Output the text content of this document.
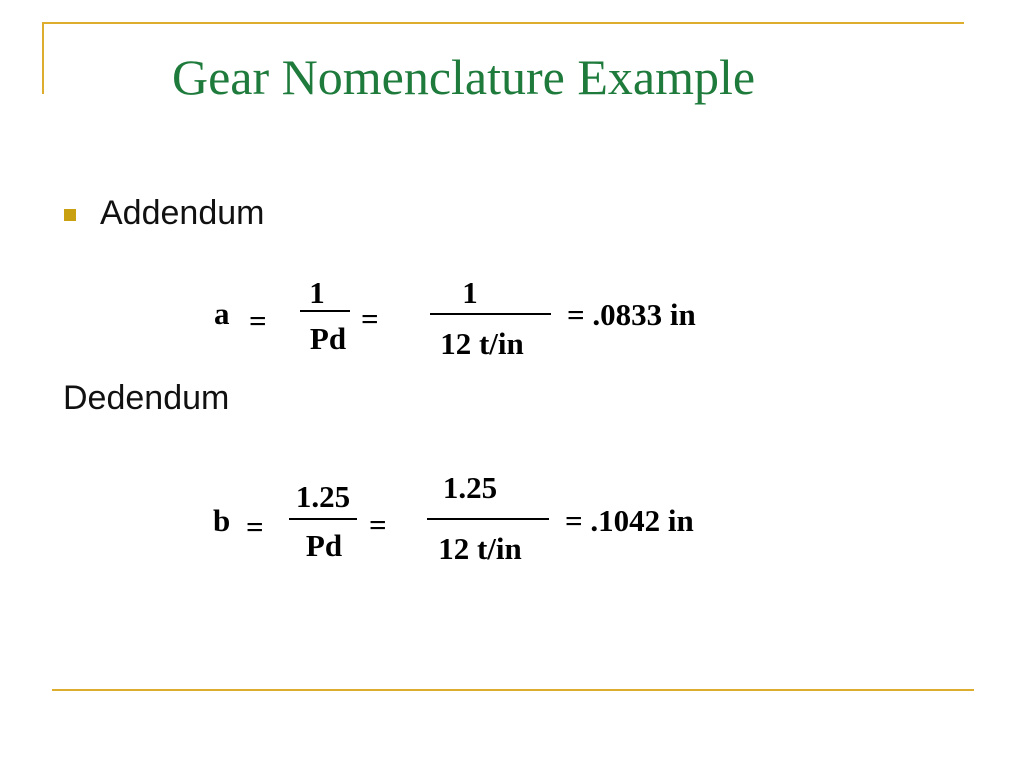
Gear Nomenclature Example
Addendum
a =
1
Pd
=
1
12 t/in
= .0833 in
Dedendum
b =
1.25
Pd
=
1.25
12 t/in
= .1042 in
